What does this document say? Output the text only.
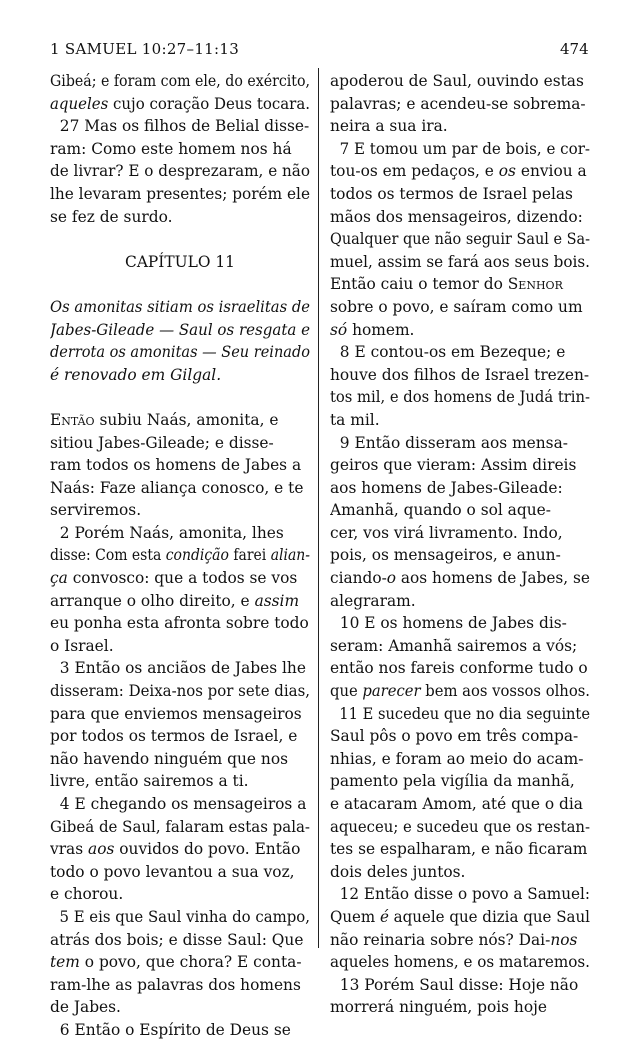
1 SAMUEL 10:27–11:13	474
Gibeá; e foram com ele, do exército,
aqueles cujo coração Deus tocara.
27 Mas os filhos de Belial disse-
ram: Como este homem nos há
de livrar? E o desprezaram, e não
lhe levaram presentes; porém ele
se fez de surdo.
CAPÍTULO 11
Os amonitas sitiam os israelitas de
Jabes-Gileade — Saul os resgata e
derrota os amonitas — Seu reinado
é renovado em Gilgal.
Então subiu Naás, amonita, e
sitiou Jabes-Gileade; e disse-
ram todos os homens de Jabes a
Naás: Faze aliança conosco, e te
serviremos.
2 Porém Naás, amonita, lhes
disse: Com esta condição farei alian-
ça convosco: que a todos se vos
arranque o olho direito, e assim
eu ponha esta afronta sobre todo
o Israel.
3 Então os anciãos de Jabes lhe
disseram: Deixa-nos por sete dias,
para que enviemos mensageiros
por todos os termos de Israel, e
não havendo ninguém que nos
livre, então sairemos a ti.
4 E chegando os mensageiros a
Gibeá de Saul, falaram estas pala-
vras aos ouvidos do povo. Então
todo o povo levantou a sua voz,
e chorou.
5 E eis que Saul vinha do campo,
atrás dos bois; e disse Saul: Que
tem o povo, que chora? E conta-
ram-lhe as palavras dos homens
de Jabes.
6 Então o Espírito de Deus se
apoderou de Saul, ouvindo estas
palavras; e acendeu-se sobrema-
neira a sua ira.
7 E tomou um par de bois, e cor-
tou-os em pedaços, e os enviou a
todos os termos de Israel pelas
mãos dos mensageiros, dizendo:
Qualquer que não seguir Saul e Sa-
muel, assim se fará aos seus bois.
Então caiu o temor do Senhor
sobre o povo, e saíram como um
só homem.
8 E contou-os em Bezeque; e
houve dos filhos de Israel trezen-
tos mil, e dos homens de Judá trin-
ta mil.
9 Então disseram aos mensa-
geiros que vieram: Assim direis
aos homens de Jabes-Gileade:
Amanhã, quando o sol aque-
cer, vos virá livramento. Indo,
pois, os mensageiros, e anun-
ciando-o aos homens de Jabes, se
alegraram.
10 E os homens de Jabes dis-
seram: Amanhã sairemos a vós;
então nos fareis conforme tudo o
que parecer bem aos vossos olhos.
11 E sucedeu que no dia seguinte
Saul pôs o povo em três compa-
nhias, e foram ao meio do acam-
pamento pela vigília da manhã,
e atacaram Amom, até que o dia
aqueceu; e sucedeu que os restan-
tes se espalharam, e não ficaram
dois deles juntos.
12 Então disse o povo a Samuel:
Quem é aquele que dizia que Saul
não reinaria sobre nós? Dai-nos
aqueles homens, e os mataremos.
13 Porém Saul disse: Hoje não
morrerá ninguém, pois hoje
